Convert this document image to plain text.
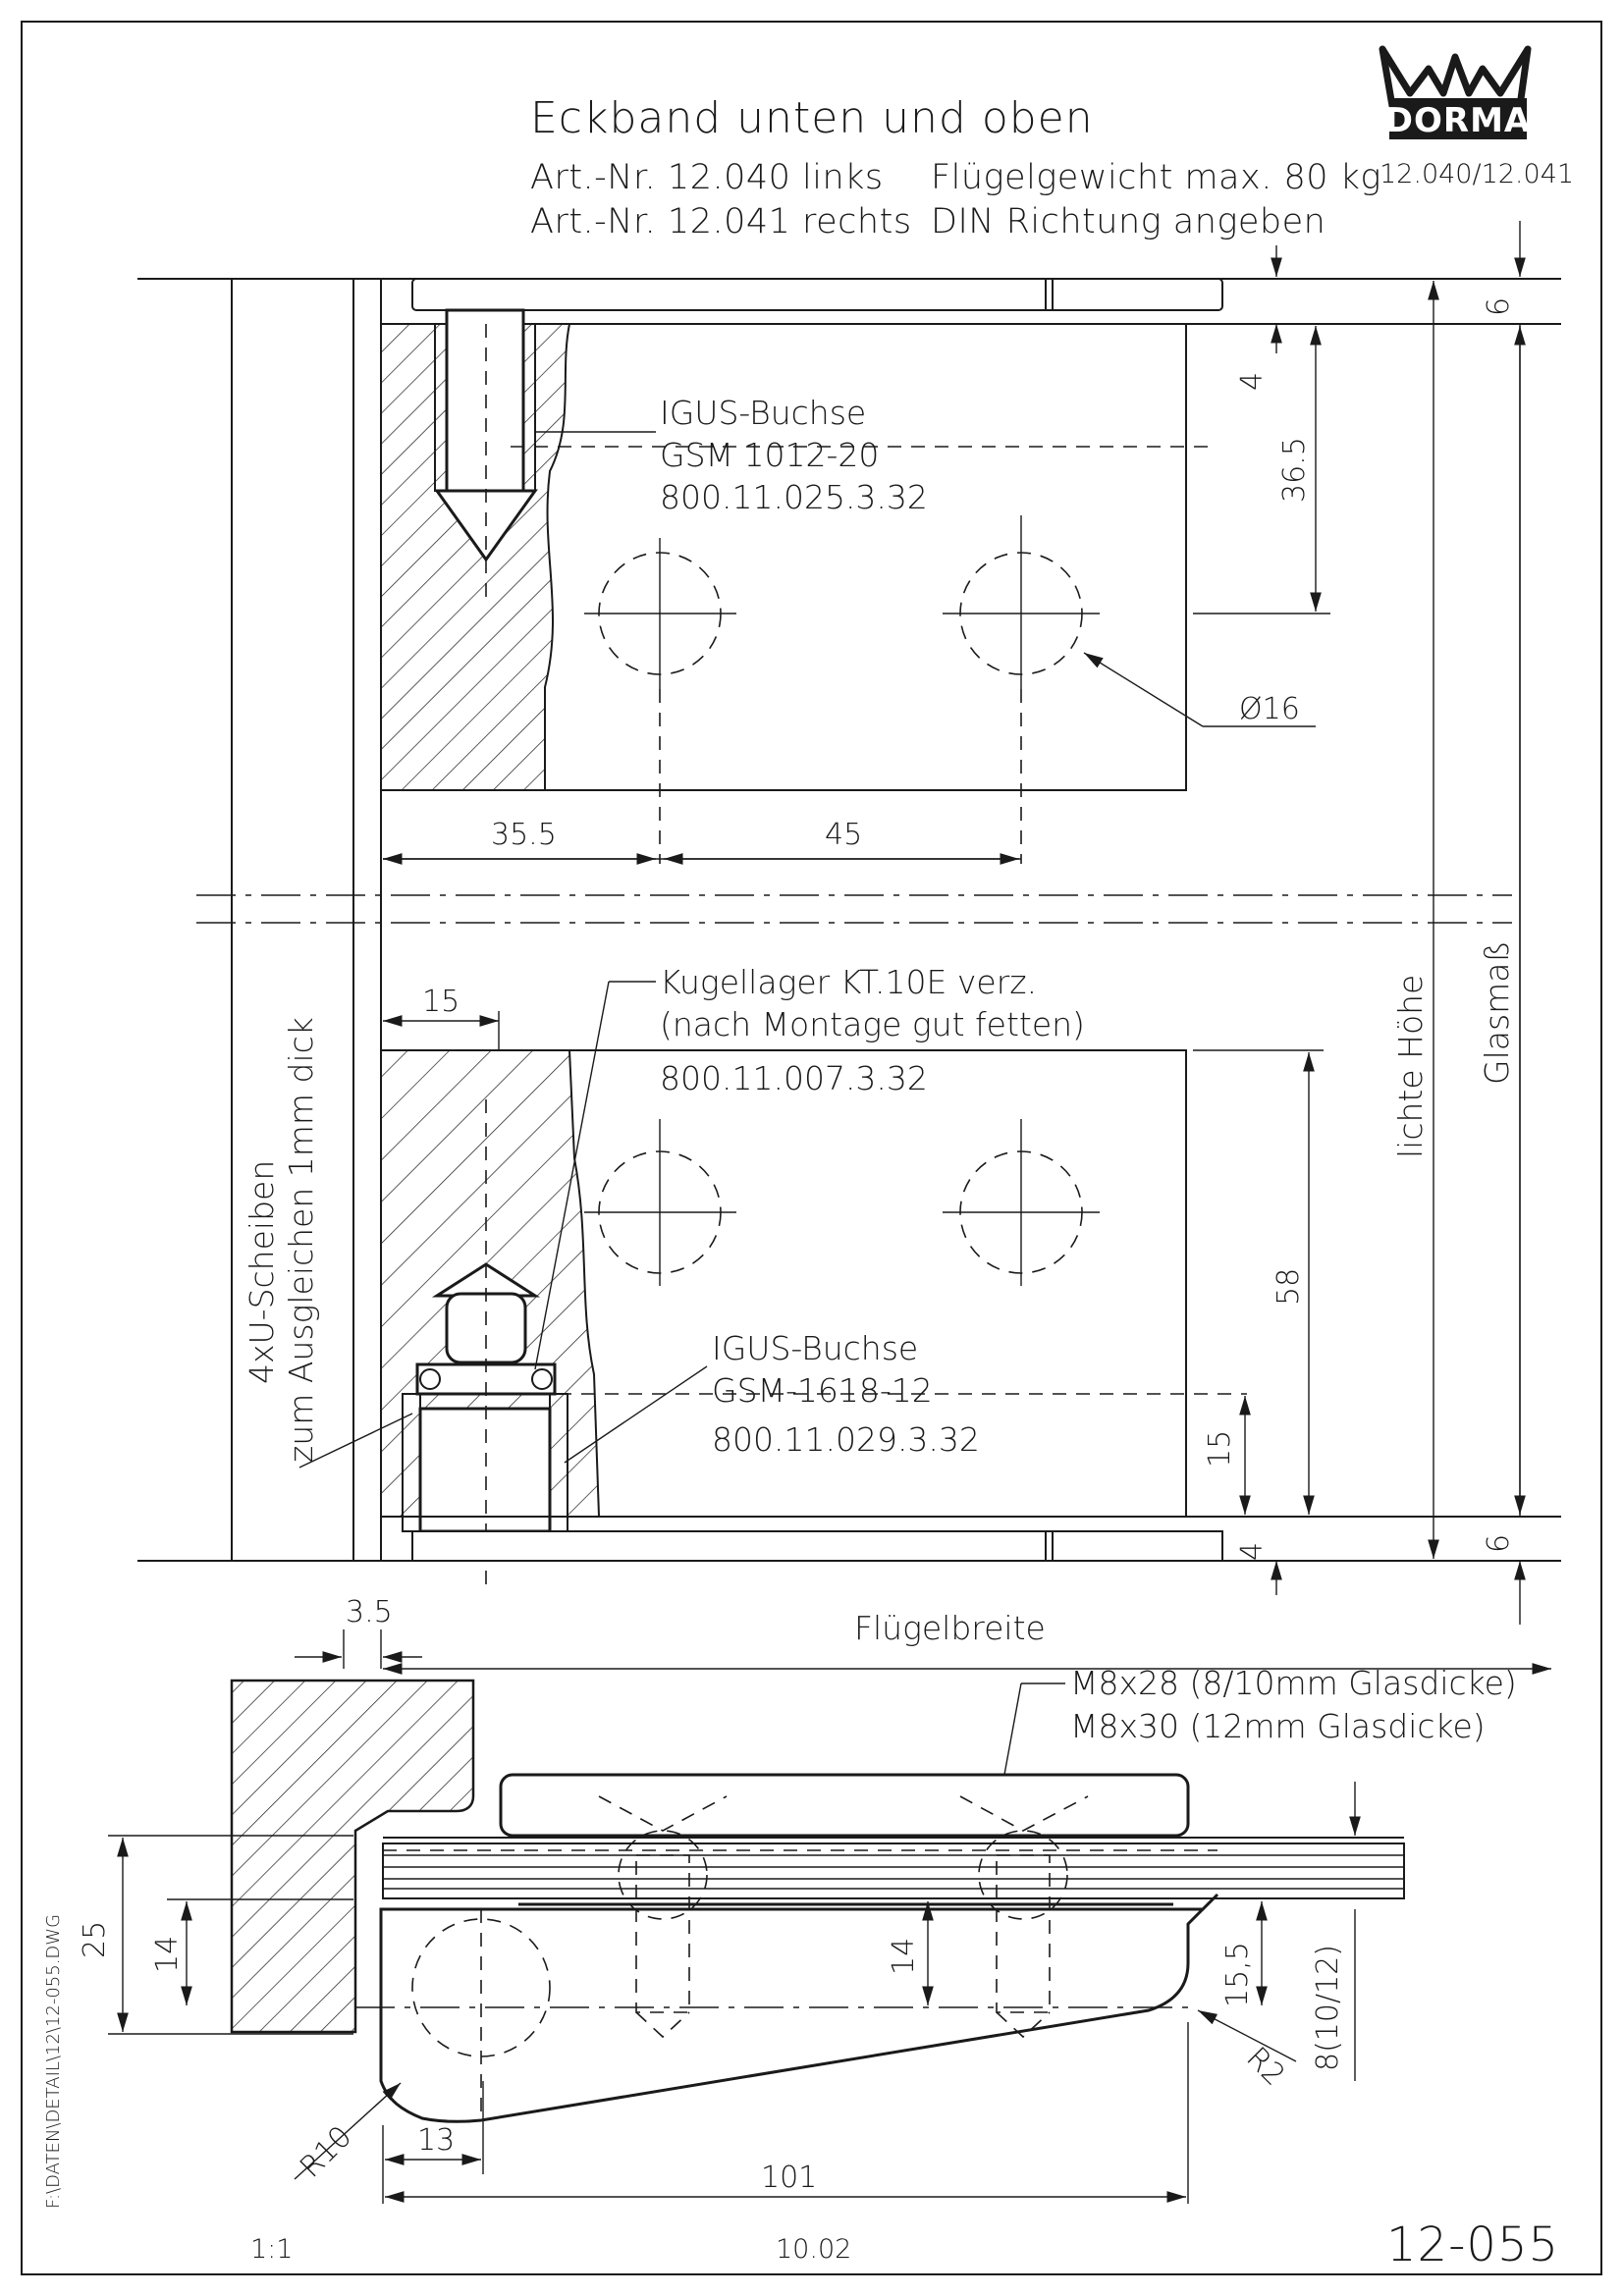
Eckband unten und oben
Art.-Nr. 12.040 links
Art.-Nr. 12.041 rechts
Flügelgewicht max. 80 kg
DIN Richtung angeben
DORMA
12.040/12.041
IGUS-Buchse
GSM 1012-20
800.11.025.3.32
35.5	45
Ø16
4
36.5
6
15
Kugellager KT.10E verz.
(nach Montage gut fetten)
800.11.007.3.32
IGUS-Buchse
GSM-1618-12
800.11.029.3.32
58
15
4	6
4xU-Scheiben zum Ausgleichen 1mm dick	lichte Höhe Glasmaß
3.5	Flügelbreite
M8x28 (8/10mm Glasdicke)
M8x30 (12mm Glasdicke)
25 14	14	15,5 8(10/12)
R10
R2
13
101
1:1	10.02	12-055
F:\DATEN\DETAIL\12\12-055.DWG
